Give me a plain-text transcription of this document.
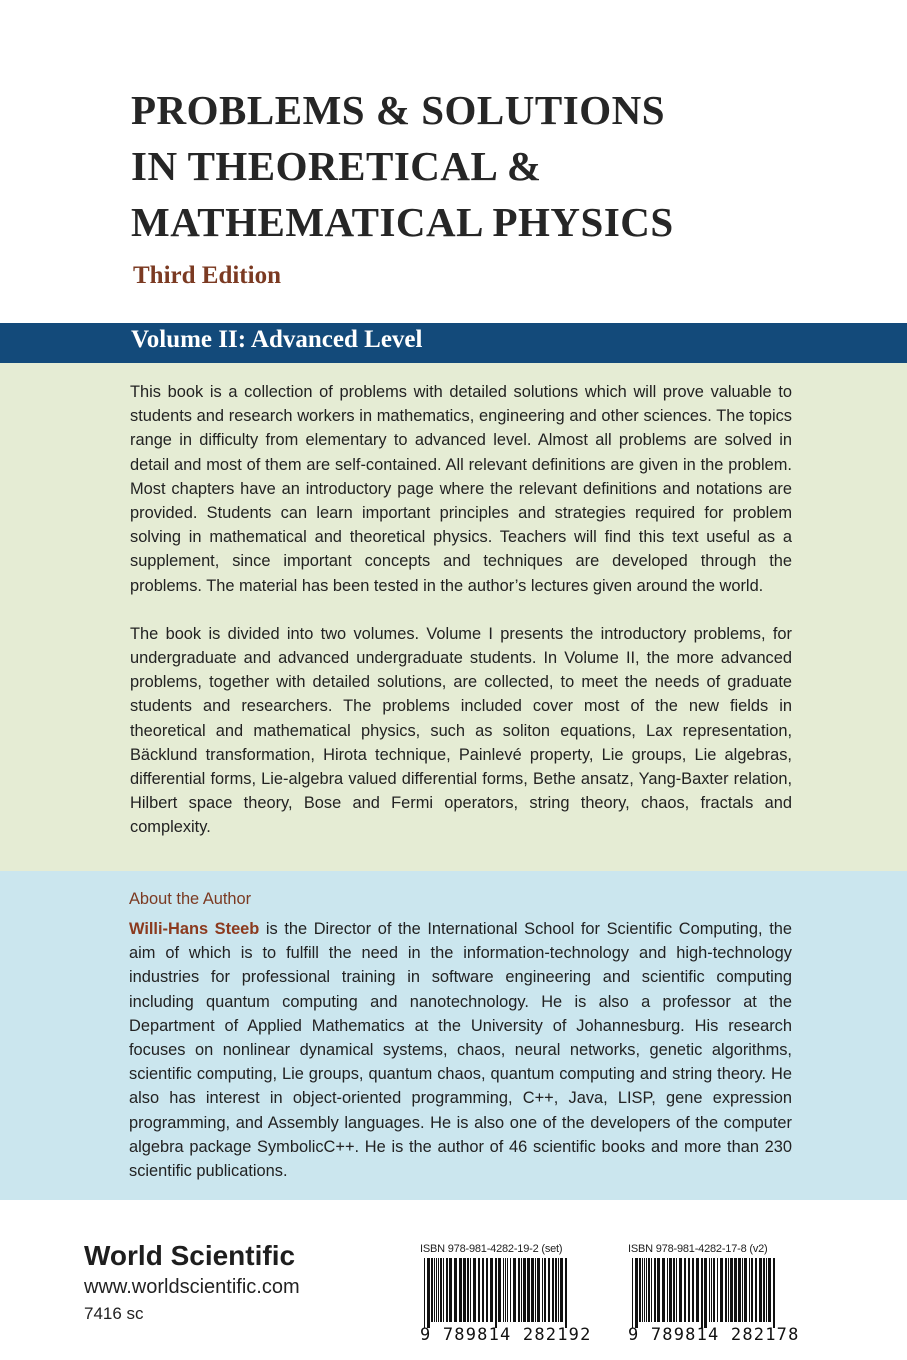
PROBLEMS & SOLUTIONS
IN THEORETICAL &
MATHEMATICAL PHYSICS
Third Edition
Volume II: Advanced Level

This book is a collection of problems with detailed solutions which will prove valuable to students and research workers in mathematics, engineering and other sciences. The topics range in difficulty from elementary to advanced level. Almost all problems are solved in detail and most of them are self-contained. All relevant definitions are given in the problem. Most chapters have an introductory page where the relevant definitions and notations are provided. Students can learn important principles and strategies required for problem solving in mathematical and theoretical physics. Teachers will find this text useful as a supplement, since important concepts and techniques are developed through the problems. The material has been tested in the author’s lectures given around the world.

The book is divided into two volumes. Volume I presents the introductory problems, for undergraduate and advanced undergraduate students. In Volume II, the more advanced problems, together with detailed solutions, are collected, to meet the needs of graduate students and researchers. The problems included cover most of the new fields in theoretical and mathematical physics, such as soliton equations, Lax representation, Bäcklund transformation, Hirota technique, Painlevé property, Lie groups, Lie algebras, differential forms, Lie-algebra valued differential forms, Bethe ansatz, Yang-Baxter relation, Hilbert space theory, Bose and Fermi operators, string theory, chaos, fractals and complexity.

About the Author
Willi-Hans Steeb is the Director of the International School for Scientific Computing, the aim of which is to fulfill the need in the information-technology and high-technology industries for professional training in software engineering and scientific computing including quantum computing and nanotechnology. He is also a professor at the Department of Applied Mathematics at the University of Johannesburg. His research focuses on nonlinear dynamical systems, chaos, neural networks, genetic algorithms, scientific computing, Lie groups, quantum chaos, quantum computing and string theory. He also has interest in object-oriented programming, C++, Java, LISP, gene expression programming, and Assembly languages. He is also one of the developers of the computer algebra package SymbolicC++. He is the author of 46 scientific books and more than 230 scientific publications.
World Scientific
www.worldscientific.com
7416 sc
ISBN 978-981-4282-19-2 (set)
9 789814 282192
ISBN 978-981-4282-17-8 (v2)
9 789814 282178
